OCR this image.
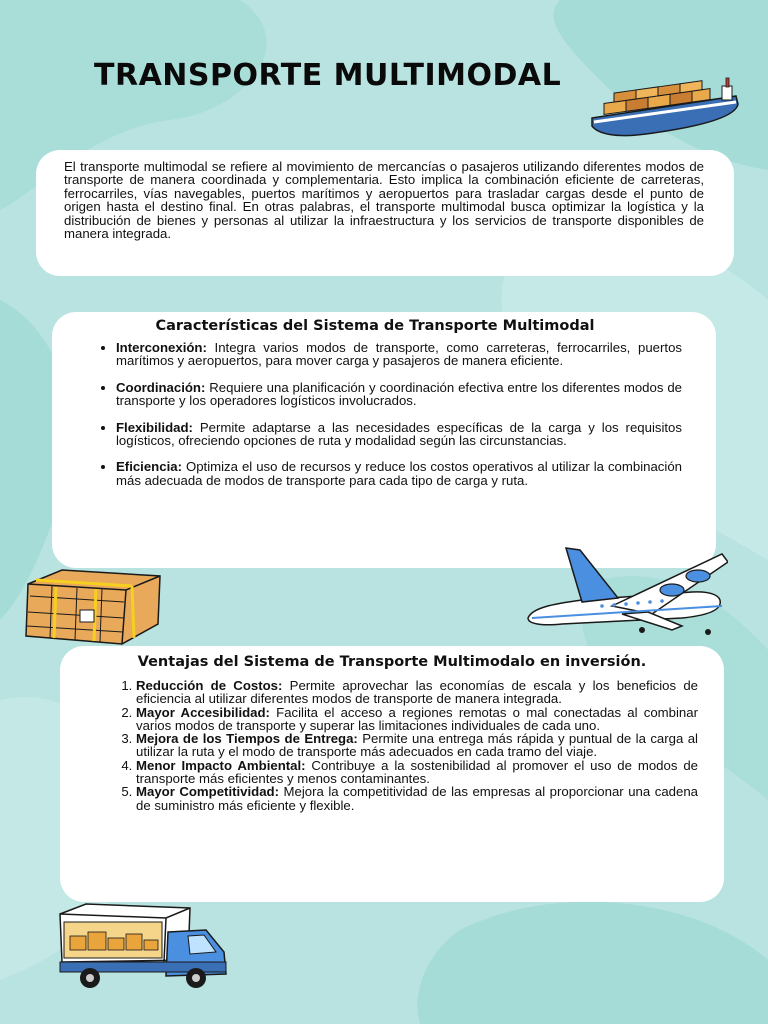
TRANSPORTE MULTIMODAL

El transporte multimodal se refiere al movimiento de mercancías o pasajeros utilizando diferentes modos de transporte de manera coordinada y complementaria. Esto implica la combinación eficiente de carreteras, ferrocarriles, vías navegables, puertos marítimos y aeropuertos para trasladar cargas desde el punto de origen hasta el destino final. En otras palabras, el transporte multimodal busca optimizar la logística y la distribución de bienes y personas al utilizar la infraestructura y los servicios de transporte disponibles de manera integrada.

Características del Sistema de Transporte Multimodal
• Interconexión: Integra varios modos de transporte, como carreteras, ferrocarriles, puertos marítimos y aeropuertos, para mover carga y pasajeros de manera eficiente.
• Coordinación: Requiere una planificación y coordinación efectiva entre los diferentes modos de transporte y los operadores logísticos involucrados.
• Flexibilidad: Permite adaptarse a las necesidades específicas de la carga y los requisitos logísticos, ofreciendo opciones de ruta y modalidad según las circunstancias.
• Eficiencia: Optimiza el uso de recursos y reduce los costos operativos al utilizar la combinación más adecuada de modos de transporte para cada tipo de carga y ruta.
Ventajas del Sistema de Transporte Multimodalo en inversión.
1. Reducción de Costos: Permite aprovechar las economías de escala y los beneficios de eficiencia al utilizar diferentes modos de transporte de manera integrada.
2. Mayor Accesibilidad: Facilita el acceso a regiones remotas o mal conectadas al combinar varios modos de transporte y superar las limitaciones individuales de cada uno.
3. Mejora de los Tiempos de Entrega: Permite una entrega más rápida y puntual de la carga al utilizar la ruta y el modo de transporte más adecuados en cada tramo del viaje.
4. Menor Impacto Ambiental: Contribuye a la sostenibilidad al promover el uso de modos de transporte más eficientes y menos contaminantes.
5. Mayor Competitividad: Mejora la competitividad de las empresas al proporcionar una cadena de suministro más eficiente y flexible.
